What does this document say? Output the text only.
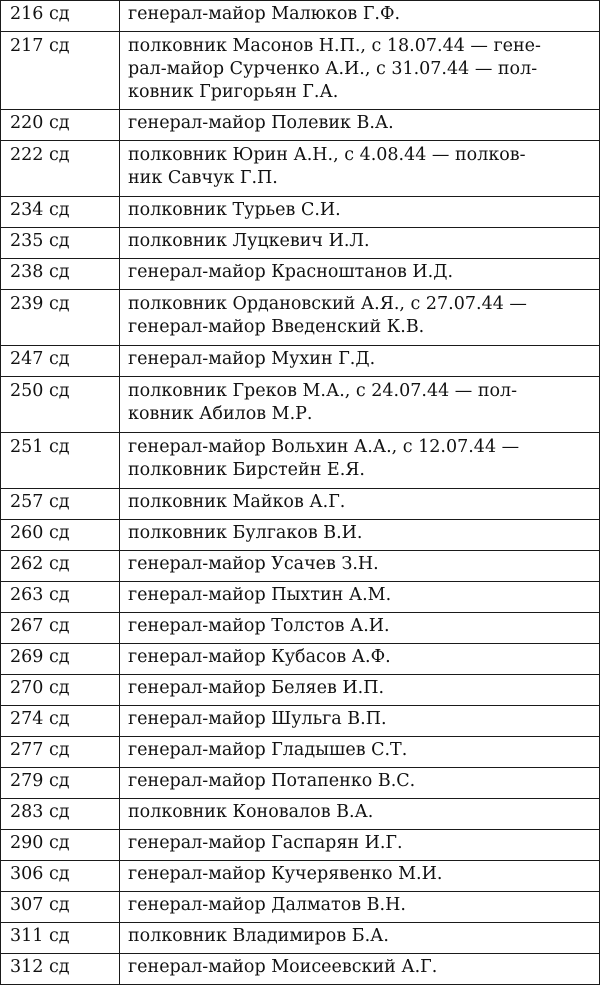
216 сд	генерал-майор Малюков Г.Ф.
217 сд	полковник Масонов Н.П., с 18.07.44 — гене-
рал-майор Сурченко А.И., с 31.07.44 — пол-
ковник Григорьян Г.А.
220 сд	генерал-майор Полевик В.А.
222 сд	полковник Юрин А.Н., с 4.08.44 — полков-
ник Савчук Г.П.
234 сд	полковник Турьев С.И.
235 сд	полковник Луцкевич И.Л.
238 сд	генерал-майор Красноштанов И.Д.
239 сд	полковник Ордановский А.Я., с 27.07.44 —
генерал-майор Введенский К.В.
247 сд	генерал-майор Мухин Г.Д.
250 сд	полковник Греков М.А., с 24.07.44 — пол-
ковник Абилов М.Р.
251 сд	генерал-майор Вольхин А.А., с 12.07.44 —
полковник Бирстейн Е.Я.
257 сд	полковник Майков А.Г.
260 сд	полковник Булгаков В.И.
262 сд	генерал-майор Усачев З.Н.
263 сд	генерал-майор Пыхтин А.М.
267 сд	генерал-майор Толстов А.И.
269 сд	генерал-майор Кубасов А.Ф.
270 сд	генерал-майор Беляев И.П.
274 сд	генерал-майор Шульга В.П.
277 сд	генерал-майор Гладышев С.Т.
279 сд	генерал-майор Потапенко В.С.
283 сд	полковник Коновалов В.А.
290 сд	генерал-майор Гаспарян И.Г.
306 сд	генерал-майор Кучерявенко М.И.
307 сд	генерал-майор Далматов В.Н.
311 сд	полковник Владимиров Б.А.
312 сд	генерал-майор Моисеевский А.Г.
